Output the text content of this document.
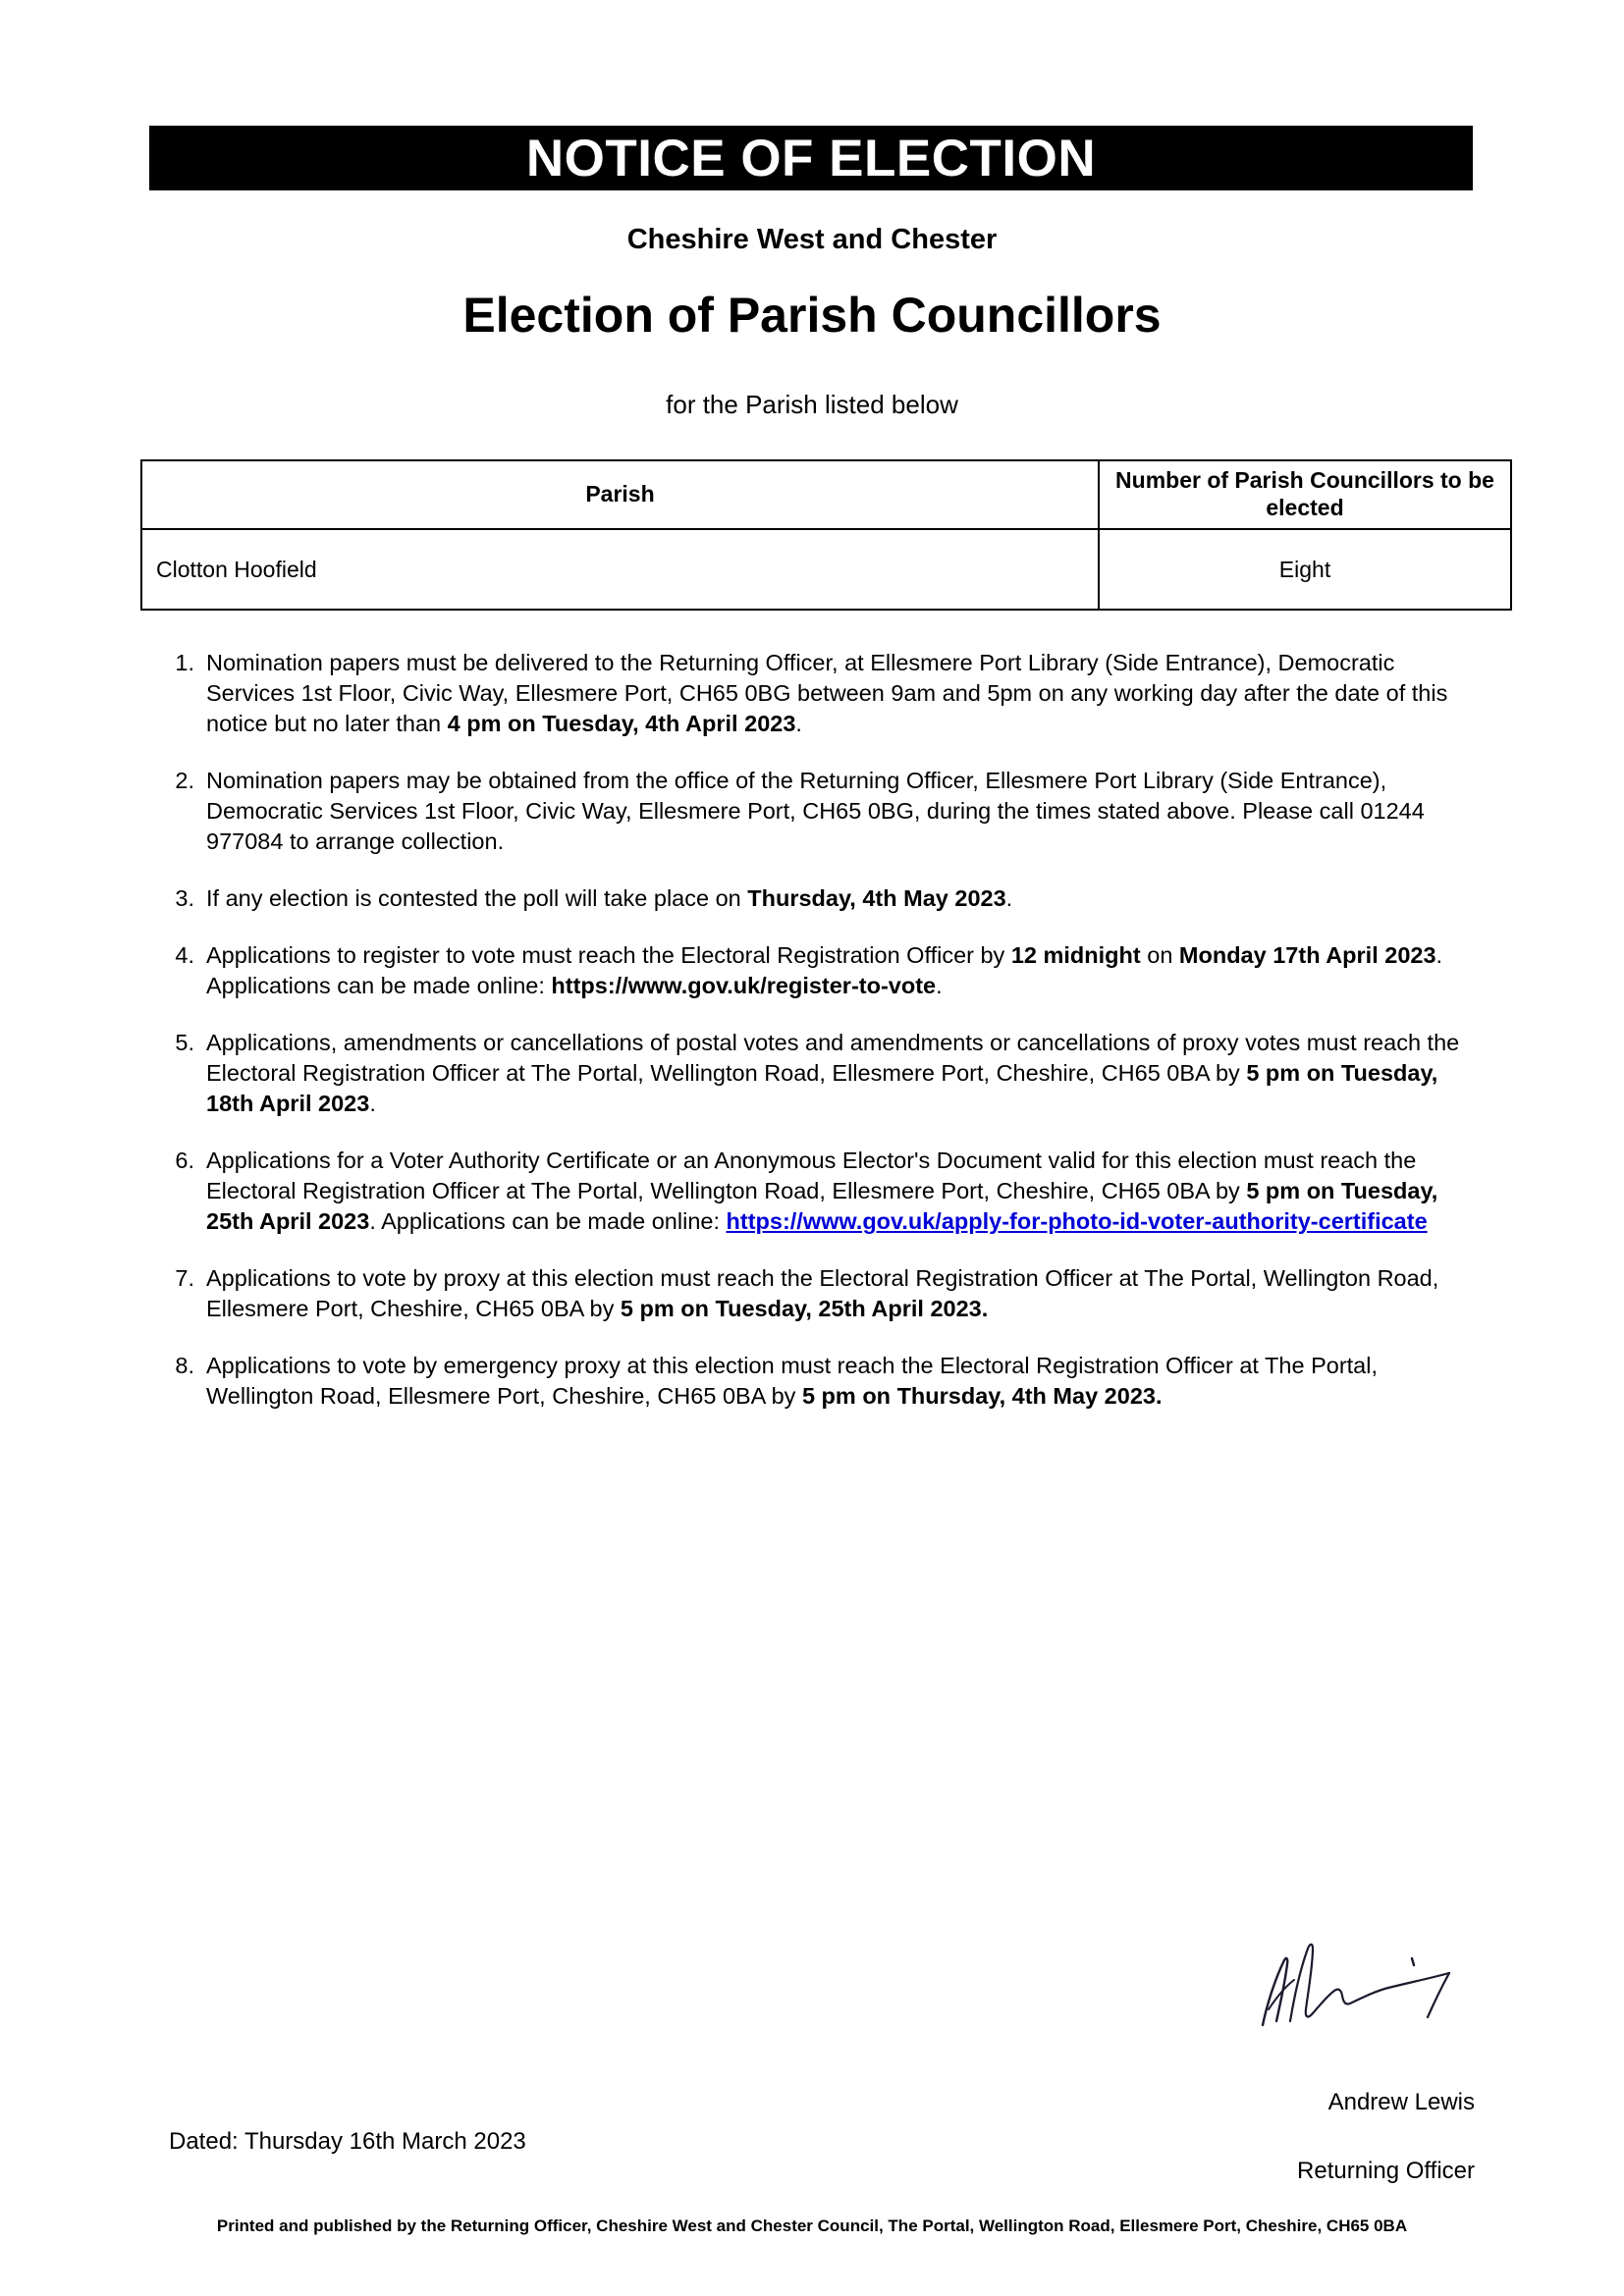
NOTICE OF ELECTION
Cheshire West and Chester
Election of Parish Councillors
for the Parish listed below
Parish	Number of Parish Councillors to be elected
Clotton Hoofield	Eight
1. Nomination papers must be delivered to the Returning Officer, at Ellesmere Port Library (Side Entrance), Democratic Services 1st Floor, Civic Way, Ellesmere Port, CH65 0BG between 9am and 5pm on any working day after the date of this notice but no later than 4 pm on Tuesday, 4th April 2023.
2. Nomination papers may be obtained from the office of the Returning Officer, Ellesmere Port Library (Side Entrance), Democratic Services 1st Floor, Civic Way, Ellesmere Port, CH65 0BG, during the times stated above. Please call 01244 977084 to arrange collection.
3. If any election is contested the poll will take place on Thursday, 4th May 2023.
4. Applications to register to vote must reach the Electoral Registration Officer by 12 midnight on Monday 17th April 2023. Applications can be made online: https://www.gov.uk/register-to-vote.
5. Applications, amendments or cancellations of postal votes and amendments or cancellations of proxy votes must reach the Electoral Registration Officer at The Portal, Wellington Road, Ellesmere Port, Cheshire, CH65 0BA by 5 pm on Tuesday, 18th April 2023.
6. Applications for a Voter Authority Certificate or an Anonymous Elector's Document valid for this election must reach the Electoral Registration Officer at The Portal, Wellington Road, Ellesmere Port, Cheshire, CH65 0BA by 5 pm on Tuesday, 25th April 2023. Applications can be made online: https://www.gov.uk/apply-for-photo-id-voter-authority-certificate
7. Applications to vote by proxy at this election must reach the Electoral Registration Officer at The Portal, Wellington Road, Ellesmere Port, Cheshire, CH65 0BA by 5 pm on Tuesday, 25th April 2023.
8. Applications to vote by emergency proxy at this election must reach the Electoral Registration Officer at The Portal, Wellington Road, Ellesmere Port, Cheshire, CH65 0BA by 5 pm on Thursday, 4th May 2023.
Andrew Lewis
Returning Officer
Dated: Thursday 16th March 2023
Printed and published by the Returning Officer, Cheshire West and Chester Council, The Portal, Wellington Road, Ellesmere Port, Cheshire, CH65 0BA
